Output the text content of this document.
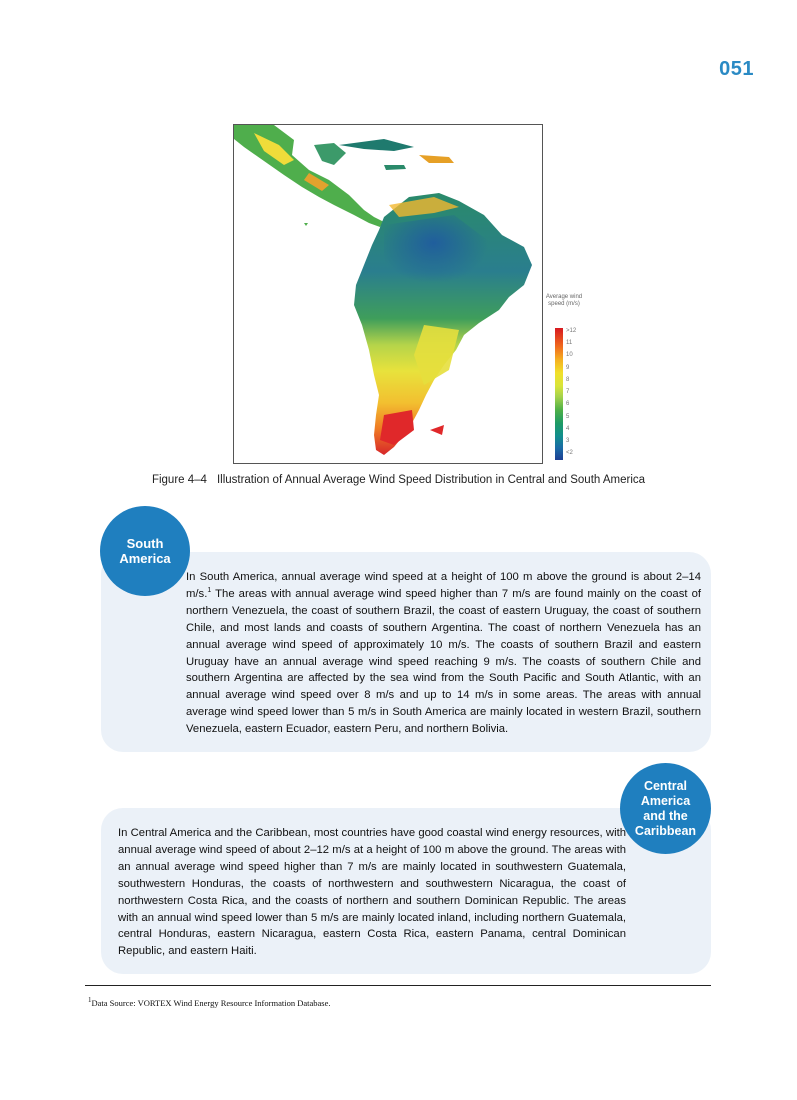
051
Average wind speed (m/s)
>12
11
10
9
8
7
6
5
4
3
<2
Figure 4–4 Illustration of Annual Average Wind Speed Distribution in Central and South America
In South America, annual average wind speed at a height of 100 m above the ground is about 2–14 m/s.$^1$ The areas with annual average wind speed higher than 7 m/s are found mainly on the coast of northern Venezuela, the coast of southern Brazil, the coast of eastern Uruguay, the coast of southern Chile, and most lands and coasts of southern Argentina. The coast of northern Venezuela has an annual average wind speed of approximately 10 m/s. The coasts of southern Brazil and eastern Uruguay have an annual average wind speed reaching 9 m/s. The coasts of southern Chile and southern Argentina are affected by the sea wind from the South Pacific and South Atlantic, with an annual average wind speed over 8 m/s and up to 14 m/s in some areas. The areas with annual average wind speed lower than 5 m/s in South America are mainly located in western Brazil, southern Venezuela, eastern Ecuador, eastern Peru, and northern Bolivia.
South America
In Central America and the Caribbean, most countries have good coastal wind energy resources, with annual average wind speed of about 2–12 m/s at a height of 100 m above the ground. The areas with an annual average wind speed higher than 7 m/s are mainly located in southwestern Guatemala, southwestern Honduras, the coasts of northwestern and southwestern Nicaragua, the coast of northwestern Costa Rica, and the coasts of northern and southern Dominican Republic. The areas with an annual wind speed lower than 5 m/s are mainly located inland, including northern Guatemala, central Honduras, eastern Nicaragua, eastern Costa Rica, eastern Panama, central Dominican Republic, and eastern Haiti.
Central America and the Caribbean
$^1$Data Source: VORTEX Wind Energy Resource Information Database.
